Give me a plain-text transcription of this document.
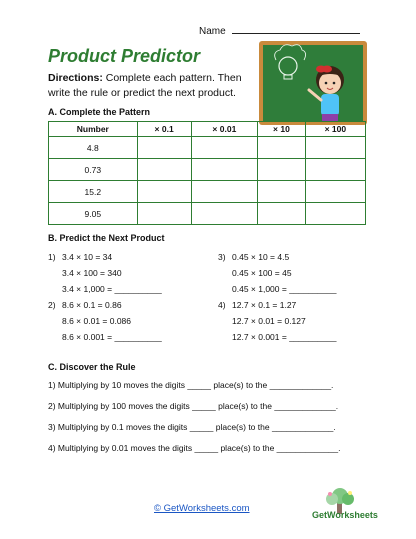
Name
Product Predictor
Directions: Complete each pattern. Then write the rule or predict the next product.
A. Complete the Pattern
Number	× 0.1	× 0.01	× 10	× 100
4.8				
0.73				
15.2				
9.05				
B. Predict the Next Product
1) 3.4 × 10 = 34
3.4 × 100 = 340
3.4 × 1,000 = __________
2) 8.6 × 0.1 = 0.86
8.6 × 0.01 = 0.086
8.6 × 0.001 = __________
3) 0.45 × 10 = 4.5
0.45 × 100 = 45
0.45 × 1,000 = __________
4) 12.7 × 0.1 = 1.27
12.7 × 0.01 = 0.127
12.7 × 0.001 = __________
C. Discover the Rule
1) Multiplying by 10 moves the digits _____ place(s) to the _____________.
2) Multiplying by 100 moves the digits _____ place(s) to the _____________.
3) Multiplying by 0.1 moves the digits _____ place(s) to the _____________.
4) Multiplying by 0.01 moves the digits _____ place(s) to the _____________.
© GetWorksheets.com
GetWorksheets
